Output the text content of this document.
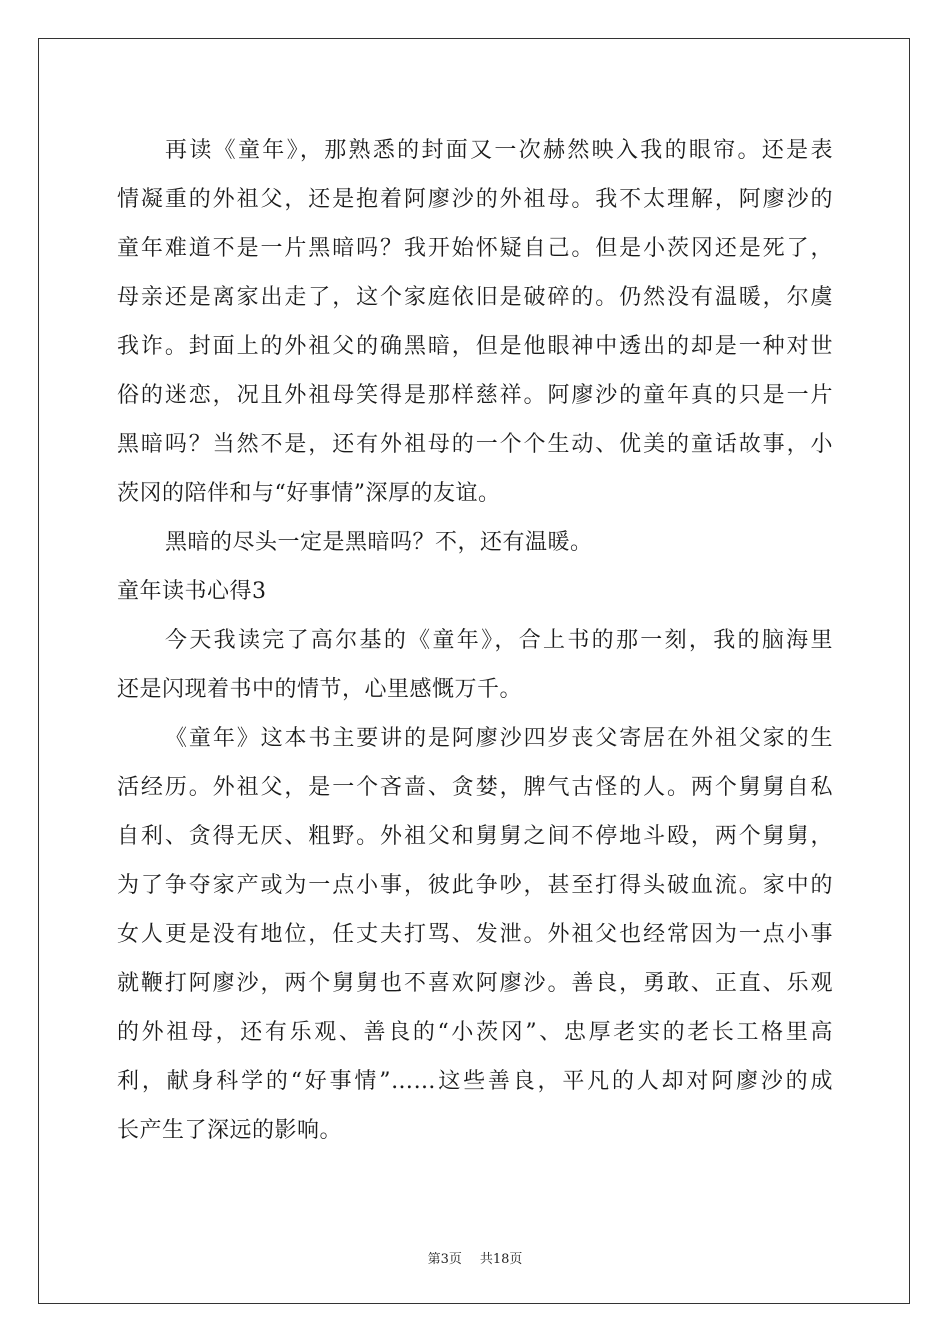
再读《童年》，那熟悉的封面又一次赫然映入我的眼帘。还是表
情凝重的外祖父，还是抱着阿廖沙的外祖母。我不太理解，阿廖沙的
童年难道不是一片黑暗吗？我开始怀疑自己。但是小茨冈还是死了，
母亲还是离家出走了，这个家庭依旧是破碎的。仍然没有温暖，尔虞
我诈。封面上的外祖父的确黑暗，但是他眼神中透出的却是一种对世
俗的迷恋，况且外祖母笑得是那样慈祥。阿廖沙的童年真的只是一片
黑暗吗？当然不是，还有外祖母的一个个生动、优美的童话故事，小
茨冈的陪伴和与“好事情”深厚的友谊。
黑暗的尽头一定是黑暗吗？不，还有温暖。
童年读书心得3
今天我读完了高尔基的《童年》，合上书的那一刻，我的脑海里
还是闪现着书中的情节，心里感慨万千。
《童年》这本书主要讲的是阿廖沙四岁丧父寄居在外祖父家的生
活经历。外祖父，是一个吝啬、贪婪，脾气古怪的人。两个舅舅自私
自利、贪得无厌、粗野。外祖父和舅舅之间不停地斗殴，两个舅舅，
为了争夺家产或为一点小事，彼此争吵，甚至打得头破血流。家中的
女人更是没有地位，任丈夫打骂、发泄。外祖父也经常因为一点小事
就鞭打阿廖沙，两个舅舅也不喜欢阿廖沙。善良，勇敢、正直、乐观
的外祖母，还有乐观、善良的“小茨冈”、忠厚老实的老长工格里高
利，献身科学的“好事情”……这些善良，平凡的人却对阿廖沙的成
长产生了深远的影响。
第3页 共18页
